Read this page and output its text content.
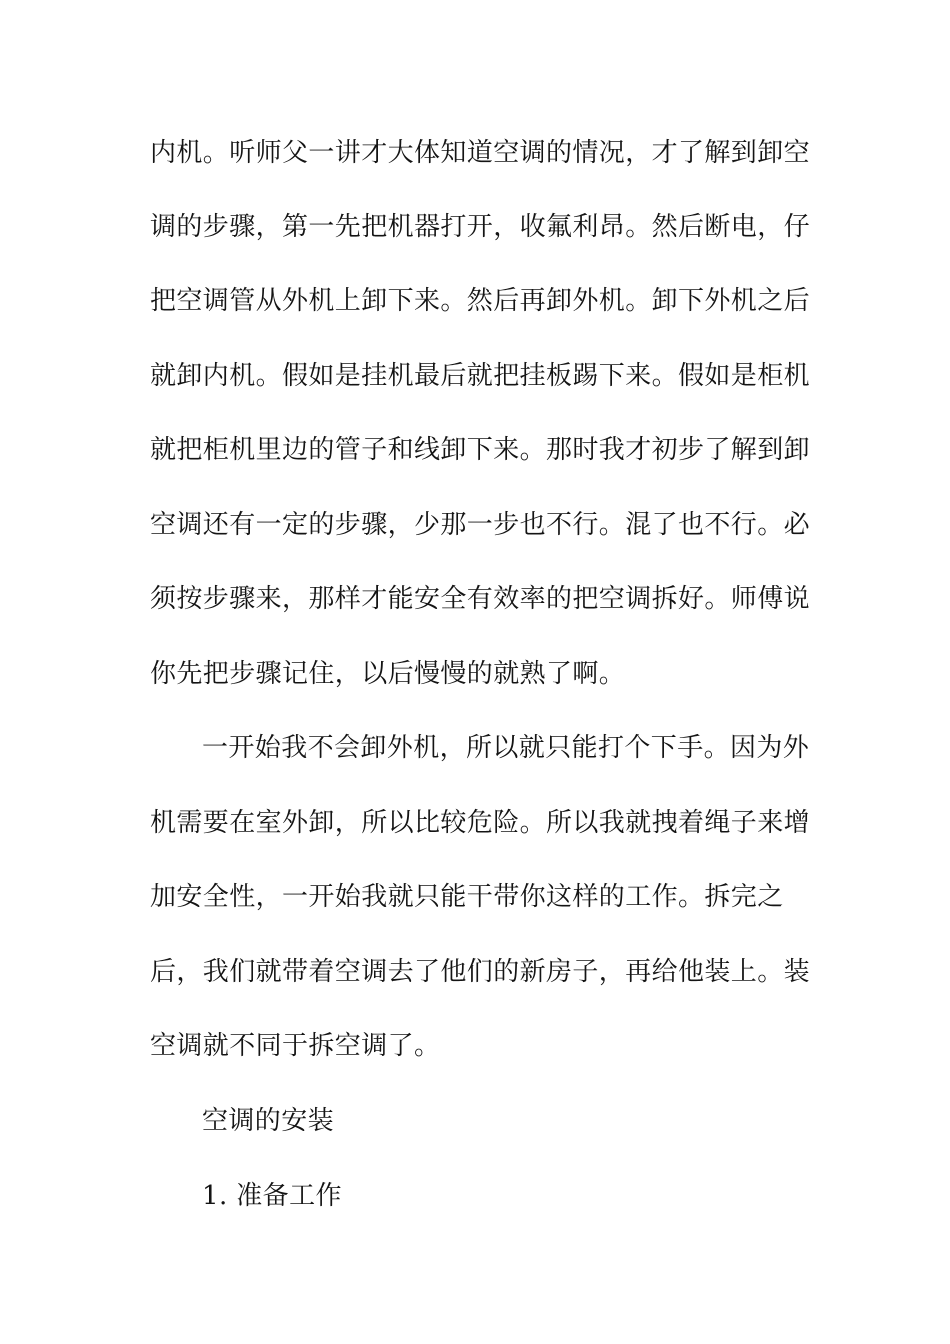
内机。听师父一讲才大体知道空调的情况，才了解到卸空
调的步骤，第一先把机器打开，收氟利昂。然后断电，仔
把空调管从外机上卸下来。然后再卸外机。卸下外机之后
就卸内机。假如是挂机最后就把挂板踢下来。假如是柜机
就把柜机里边的管子和线卸下来。那时我才初步了解到卸
空调还有一定的步骤，少那一步也不行。混了也不行。必
须按步骤来，那样才能安全有效率的把空调拆好。师傅说
你先把步骤记住，以后慢慢的就熟了啊。
一开始我不会卸外机，所以就只能打个下手。因为外
机需要在室外卸，所以比较危险。所以我就拽着绳子来增
加安全性，一开始我就只能干带你这样的工作。拆完之
后，我们就带着空调去了他们的新房子，再给他装上。装
空调就不同于拆空调了。
空调的安装
1. 准备工作
